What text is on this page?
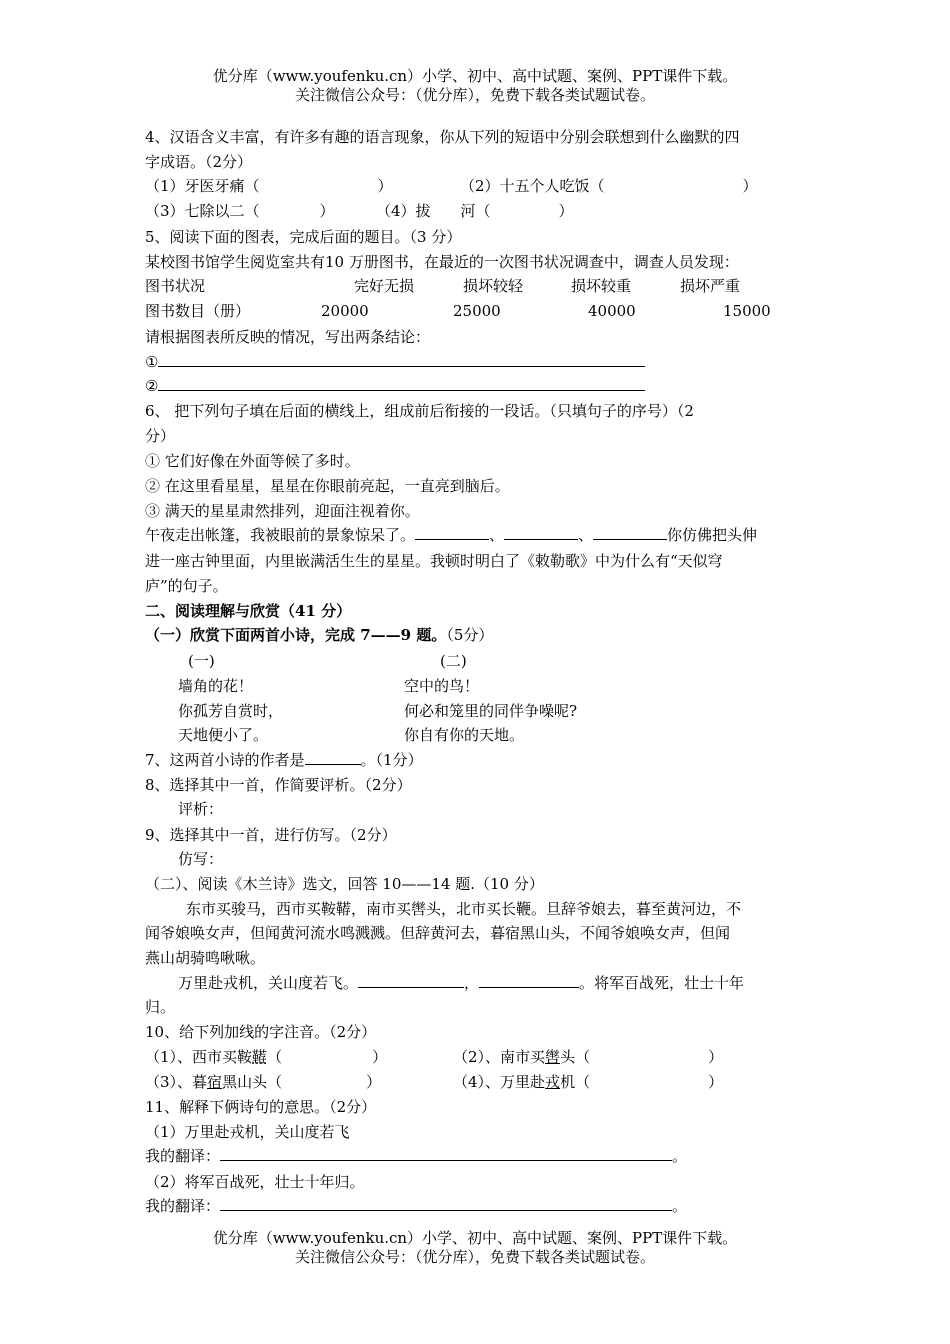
优分库（www.youfenku.cn）小学、初中、高中试题、案例、PPT课件下载。
关注微信公众号：（优分库），免费下载各类试题试卷。
4、汉语含义丰富，有许多有趣的语言现象，你从下列的短语中分别会联想到什么幽默的四
字成语。（2分）
（1）牙医牙痛（	）	（2）十五个人吃饭（	）
（3）七除以二（	）	（4）拔　　河（	）
5、阅读下面的图表，完成后面的题目。（3 分）
某校图书馆学生阅览室共有10 万册图书，在最近的一次图书状况调查中，调查人员发现：
图书状况	完好无损	损坏较轻	损坏较重	损坏严重
图书数目（册）	20000	25000	40000	15000
请根据图表所反映的情况，写出两条结论：
①
②
6、 把下列句子填在后面的横线上，组成前后衔接的一段话。（只填句子的序号）（2
分）
① 它们好像在外面等候了多时。
② 在这里看星星，星星在你眼前亮起，一直亮到脑后。
③ 满天的星星肃然排列，迎面注视着你。
午夜走出帐篷，我被眼前的景象惊呆了。	、	、	你仿佛把头伸
进一座古钟里面，内里嵌满活生生的星星。我顿时明白了《敕勒歌》中为什么有“天似穹
庐”的句子。
二、阅读理解与欣赏（41 分）
（一）欣赏下面两首小诗，完成 7——9 题。（5分）
(一)	(二)
墙角的花！	空中的鸟！
你孤芳自赏时，	何必和笼里的同伴争噪呢?
天地便小了。	你自有你的天地。
7、这两首小诗的作者是	。（1分）
8、选择其中一首，作简要评析。（2分）
评析：
9、选择其中一首，进行仿写。（2分）
仿写：
（二）、阅读《木兰诗》选文，回答 10——14 题.（10 分）
东市买骏马，西市买鞍鞯，南市买辔头，北市买长鞭。旦辞爷娘去，暮至黄河边，不
闻爷娘唤女声，但闻黄河流水鸣溅溅。但辞黄河去，暮宿黑山头，不闻爷娘唤女声，但闻
燕山胡骑鸣啾啾。
万里赴戎机，关山度若飞。	，	。将军百战死，壮士十年
归。
10、给下列加线的字注音。（2分）
（1）、西市买鞍鞯（	）	（2）、南市买辔头（	）
（3）、暮宿黑山头（	）	（4）、万里赴戎机（	）
11、解释下俩诗句的意思。（2分）
（1）万里赴戎机，关山度若飞
我的翻译：	。
（2）将军百战死，壮士十年归。
我的翻译：	。
优分库（www.youfenku.cn）小学、初中、高中试题、案例、PPT课件下载。
关注微信公众号：（优分库），免费下载各类试题试卷。
